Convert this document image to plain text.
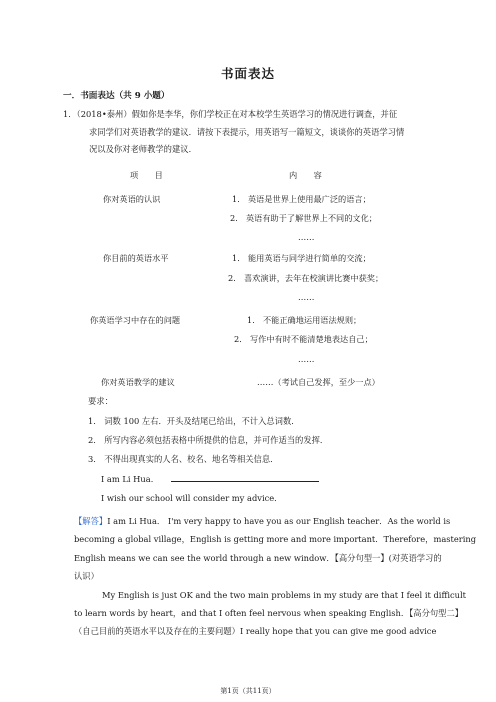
书面表达
一．书面表达（共 9 小题）
1．（2018•泰州）假如你是李华，你们学校正在对本校学生英语学习的情况进行调查，并征
求同学们对英语教学的建议．请按下表提示，用英语写一篇短文，谈谈你的英语学习情
况以及你对老师教学的建议．
项　　目	内　　容
你对英语的认识	1． 英语是世界上使用最广泛的语言；
2． 英语有助于了解世界上不同的文化；
……
你目前的英语水平	1． 能用英语与同学进行简单的交流；
2． 喜欢演讲，去年在校演讲比赛中获奖；
……
你英语学习中存在的问题	1． 不能正确地运用语法规则；
2． 写作中有时不能清楚地表达自己；
……
你对英语教学的建议	……（考试自己发挥，至少一点）
要求：
1． 词数 100 左右．开头及结尾已给出，不计入总词数．
2． 所写内容必须包括表格中所提供的信息，并可作适当的发挥．
3． 不得出现真实的人名、校名、地名等相关信息．
I am Li Hua．
I wish our school will consider my advice．
【解答】I am Li Hua． I'm very happy to have you as our English teacher．As the world is
becoming a global village，English is getting more and more important．Therefore，mastering
English means we can see the world through a new window．【高分句型一】(对英语学习的
认识）
My English is just OK and the two main problems in my study are that I feel it difficult
to learn words by heart，and that I often feel nervous when speaking English．【高分句型二】
（自己目前的英语水平以及存在的主要问题）I really hope that you can give me good advice
第1页（共11页）
